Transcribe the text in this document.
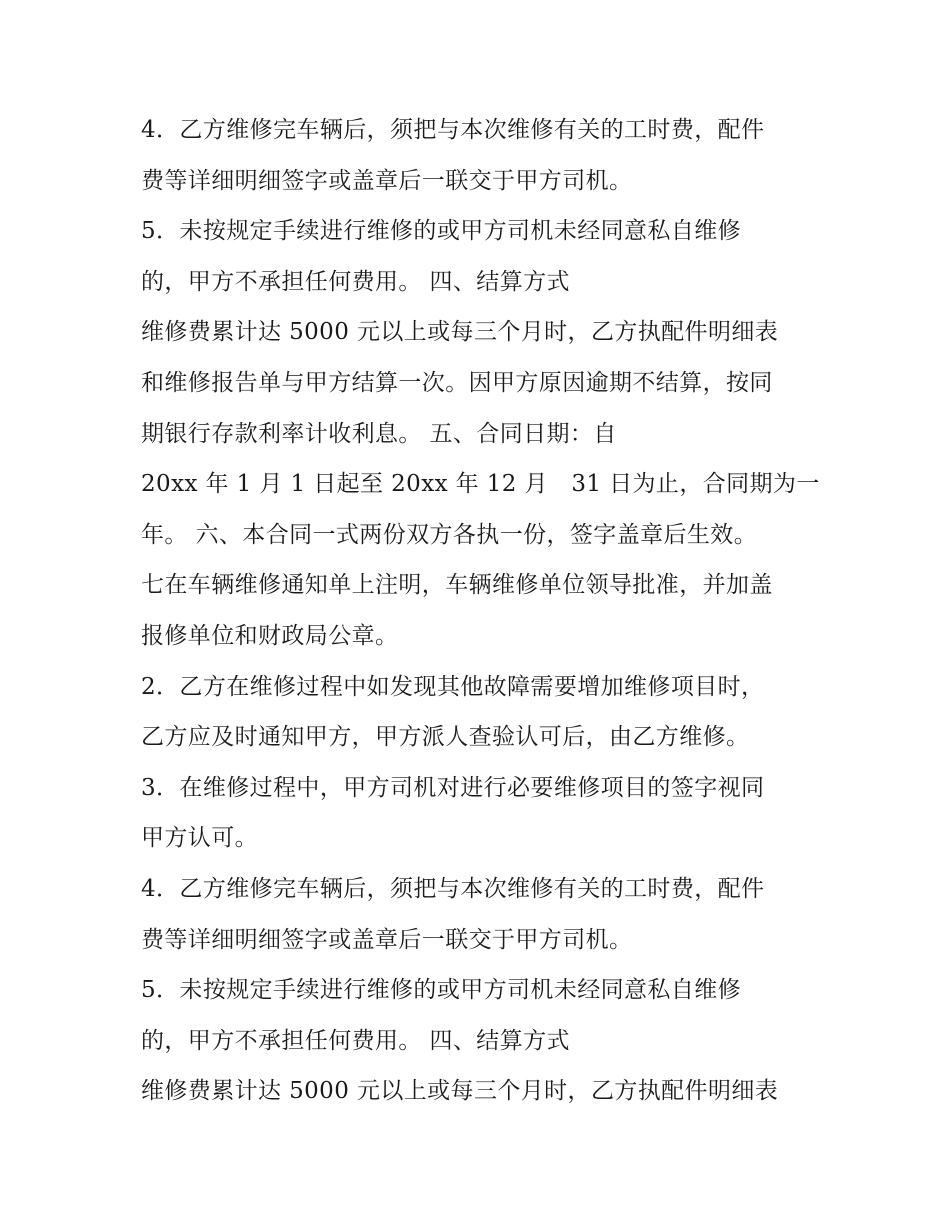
4．乙方维修完车辆后，须把与本次维修有关的工时费，配件
费等详细明细签字或盖章后一联交于甲方司机。
5．未按规定手续进行维修的或甲方司机未经同意私自维修
的，甲方不承担任何费用。 四、结算方式
维修费累计达 5000 元以上或每三个月时，乙方执配件明细表
和维修报告单与甲方结算一次。因甲方原因逾期不结算，按同
期银行存款利率计收利息。 五、合同日期：自
20xx 年 1 月 1 日起至 20xx 年 12 月　31 日为止，合同期为一
年。 六、本合同一式两份双方各执一份，签字盖章后生效。
七在车辆维修通知单上注明，车辆维修单位领导批准，并加盖
报修单位和财政局公章。
2．乙方在维修过程中如发现其他故障需要增加维修项目时，
乙方应及时通知甲方，甲方派人查验认可后，由乙方维修。
3．在维修过程中，甲方司机对进行必要维修项目的签字视同
甲方认可。
4．乙方维修完车辆后，须把与本次维修有关的工时费，配件
费等详细明细签字或盖章后一联交于甲方司机。
5．未按规定手续进行维修的或甲方司机未经同意私自维修
的，甲方不承担任何费用。 四、结算方式
维修费累计达 5000 元以上或每三个月时，乙方执配件明细表
